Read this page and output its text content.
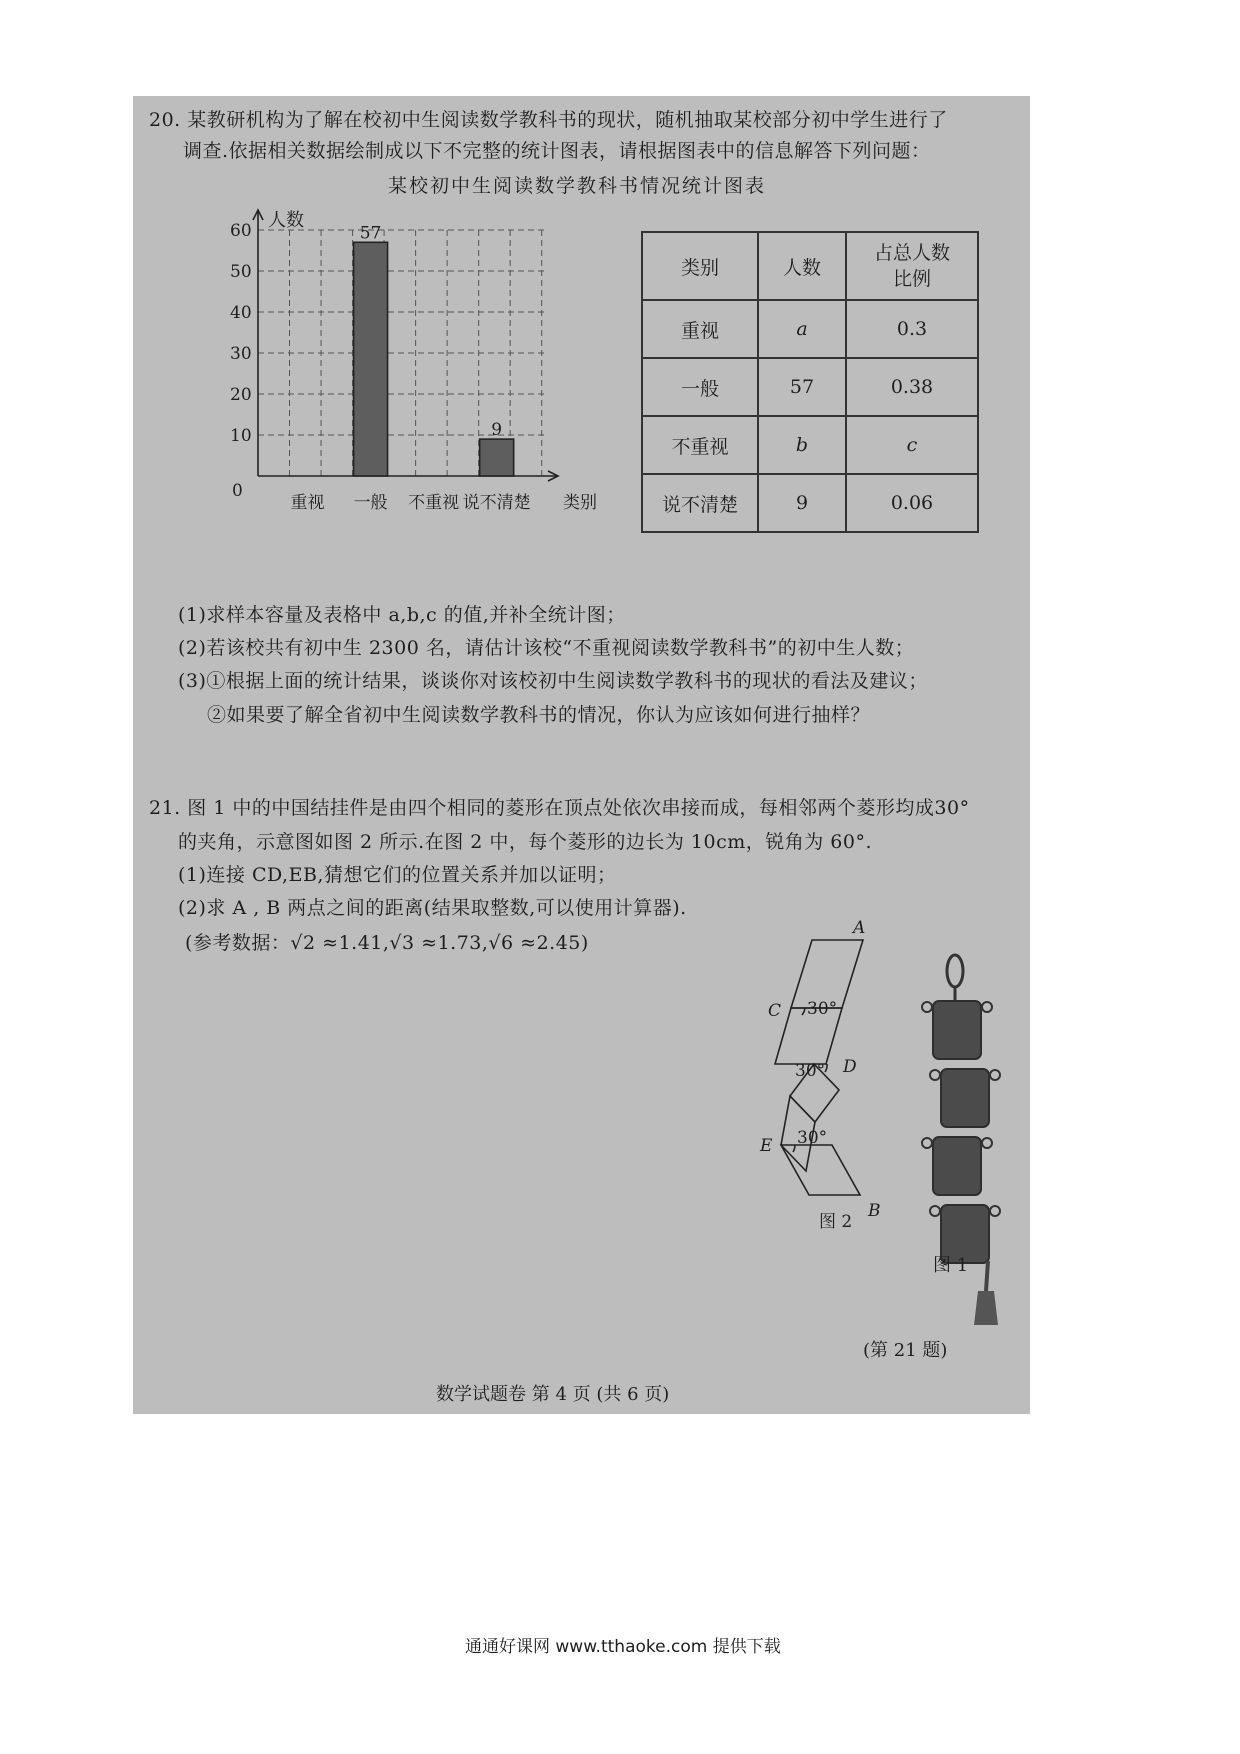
20. 某教研机构为了解在校初中生阅读数学教科书的现状，随机抽取某校部分初中学生进行了
调查.依据相关数据绘制成以下不完整的统计图表，请根据图表中的信息解答下列问题：
某校初中生阅读数学教科书情况统计图表
0
10
20
30
40
50
60 人数
重视
57
一般 不重视
9
说不清楚 类别
类别	人数	占总人数比例

重视	a	0.3
一般	57	0.38
不重视	b	c
说不清楚	9	0.06
(1)求样本容量及表格中 a,b,c 的值,并补全统计图；
(2)若该校共有初中生 2300 名，请估计该校“不重视阅读数学教科书”的初中生人数；
(3)①根据上面的统计结果，谈谈你对该校初中生阅读数学教科书的现状的看法及建议；
②如果要了解全省初中生阅读数学教科书的情况，你认为应该如何进行抽样？
21. 图 1 中的中国结挂件是由四个相同的菱形在顶点处依次串接而成，每相邻两个菱形均成30°
的夹角，示意图如图 2 所示.在图 2 中，每个菱形的边长为 10cm，锐角为 60°.
(1)连接 CD,EB,猜想它们的位置关系并加以证明；
(2)求 A , B 两点之间的距离(结果取整数,可以使用计算器).
(参考数据：√2 ≈1.41,√3 ≈1.73,√6 ≈2.45)
A
C 30°
D
30°
E 30°
B
图 2
图 1
(第 21 题)
数学试题卷 第 4 页 (共 6 页)
通通好课网 www.tthaoke.com 提供下载
